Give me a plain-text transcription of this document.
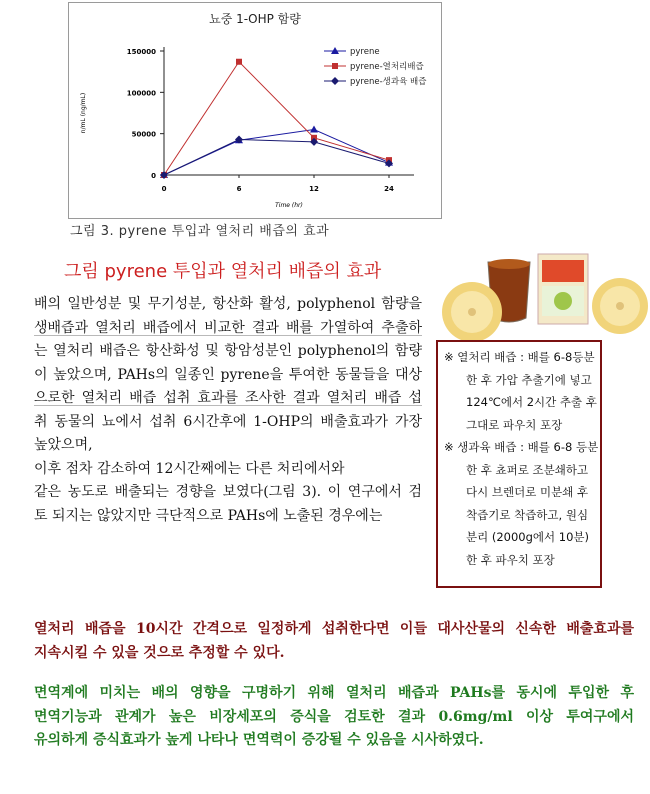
뇨중 1-OHP 함량
0
50000
100000
150000
0	6	12	24
Time (hr)
n/mL (ng/mL)
pyrene
pyrene-열처리배즙
pyrene-생과육 배즙
그림 3. pyrene 투입과 열처리 배즙의 효과
그림 pyrene 투입과 열처리 배즙의 효과

배의 일반성분 및 무기성분, 항산화 활성, polyphenol 함량을

생배즙과 열처리 배즙에서 비교한 결과 배를 가열하여 추출하

는 열처리 배즙은 항산화성 및 항암성분인 polyphenol의 함량

이 높았으며, PAHs의 일종인 pyrene을 투여한 동물들을 대상

으로한 열처리 배즙 섭취 효과를 조사한 결과 열처리 배즙 섭

취 동물의 뇨에서 섭취 6시간후에 1-OHP의 배출효과가 가장

높았으며,

이후 점차 감소하여 12시간째에는 다른 처리에서와

같은 농도로 배출되는 경향을 보였다(그림 3). 이 연구에서 검

토 되지는 않았지만 극단적으로 PAHs에 노출된 경우에는

※ 열처리 배즙 : 배를 6-8등분
한 후 가압 추출기에 넣고
124℃에서 2시간 추출 후
그대로 파우치 포장
※ 생과육 배즙 : 배를 6-8 등분
한 후 쵸퍼로 조분쇄하고
다시 브렌더로 미분쇄 후
착즙기로 착즙하고, 원심
분리 (2000g에서 10분)
한 후 파우치 포장

열처리 배즙을 10시간 간격으로 일정하게 섭취한다면 이들 대사산물의 신속한 배출효과를

지속시킬 수 있을 것으로 추정할 수 있다.

면역계에 미치는 배의 영향을 구명하기 위해 열처리 배즙과 PAHs를 동시에 투입한 후

면역기능과 관계가 높은 비장세포의 증식을 검토한 결과 0.6mg/ml 이상 투여구에서

유의하게 증식효과가 높게 나타나 면역력이 증강될 수 있음을 시사하였다.
